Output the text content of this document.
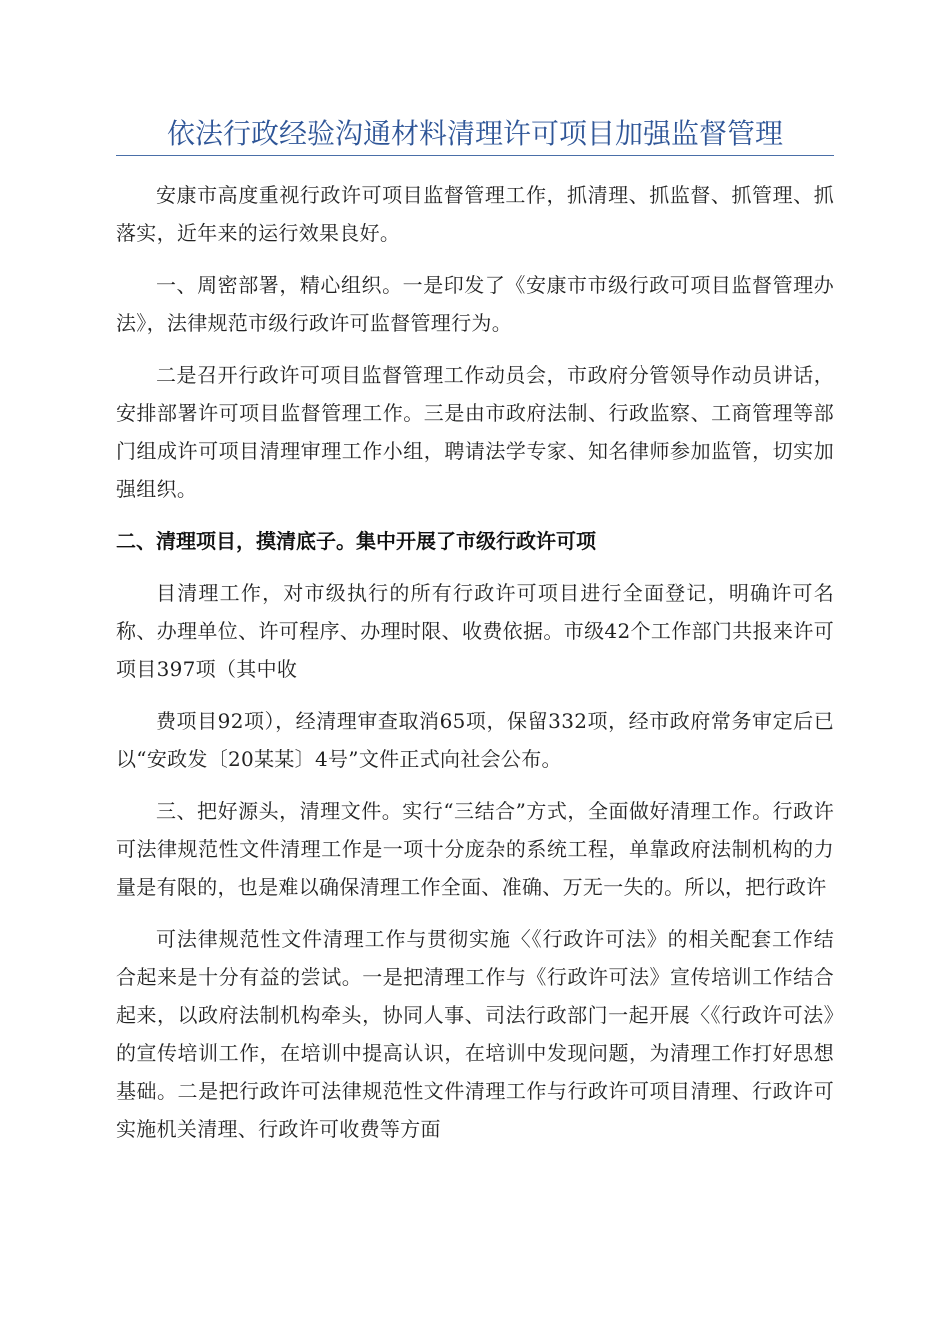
依法行政经验沟通材料清理许可项目加强监督管理

安康市高度重视行政许可项目监督管理工作，抓清理、抓监督、抓管理、抓落实，近年来的运行效果良好。

一、周密部署，精心组织。一是印发了《安康市市级行政可项目监督管理办法》，法律规范市级行政许可监督管理行为。

二是召开行政许可项目监督管理工作动员会，市政府分管领导作动员讲话，安排部署许可项目监督管理工作。三是由市政府法制、行政监察、工商管理等部门组成许可项目清理审理工作小组，聘请法学专家、知名律师参加监管，切实加强组织。

二、清理项目，摸清底子。集中开展了市级行政许可项

目清理工作，对市级执行的所有行政许可项目进行全面登记，明确许可名称、办理单位、许可程序、办理时限、收费依据。市级42个工作部门共报来许可项目397项（其中收

费项目92项），经清理审查取消65项，保留332项，经市政府常务审定后已以“安政发〔20某某〕4号”文件正式向社会公布。

三、把好源头，清理文件。实行“三结合”方式，全面做好清理工作。行政许可法律规范性文件清理工作是一项十分庞杂的系统工程，单靠政府法制机构的力量是有限的，也是难以确保清理工作全面、准确、万无一失的。所以，把行政许

可法律规范性文件清理工作与贯彻实施〈《行政许可法》的相关配套工作结合起来是十分有益的尝试。一是把清理工作与《行政许可法》宣传培训工作结合起来，以政府法制机构牵头，协同人事、司法行政部门一起开展〈《行政许可法》的宣传培训工作，在培训中提高认识，在培训中发现问题，为清理工作打好思想基础。二是把行政许可法律规范性文件清理工作与行政许可项目清理、行政许可实施机关清理、行政许可收费等方面
